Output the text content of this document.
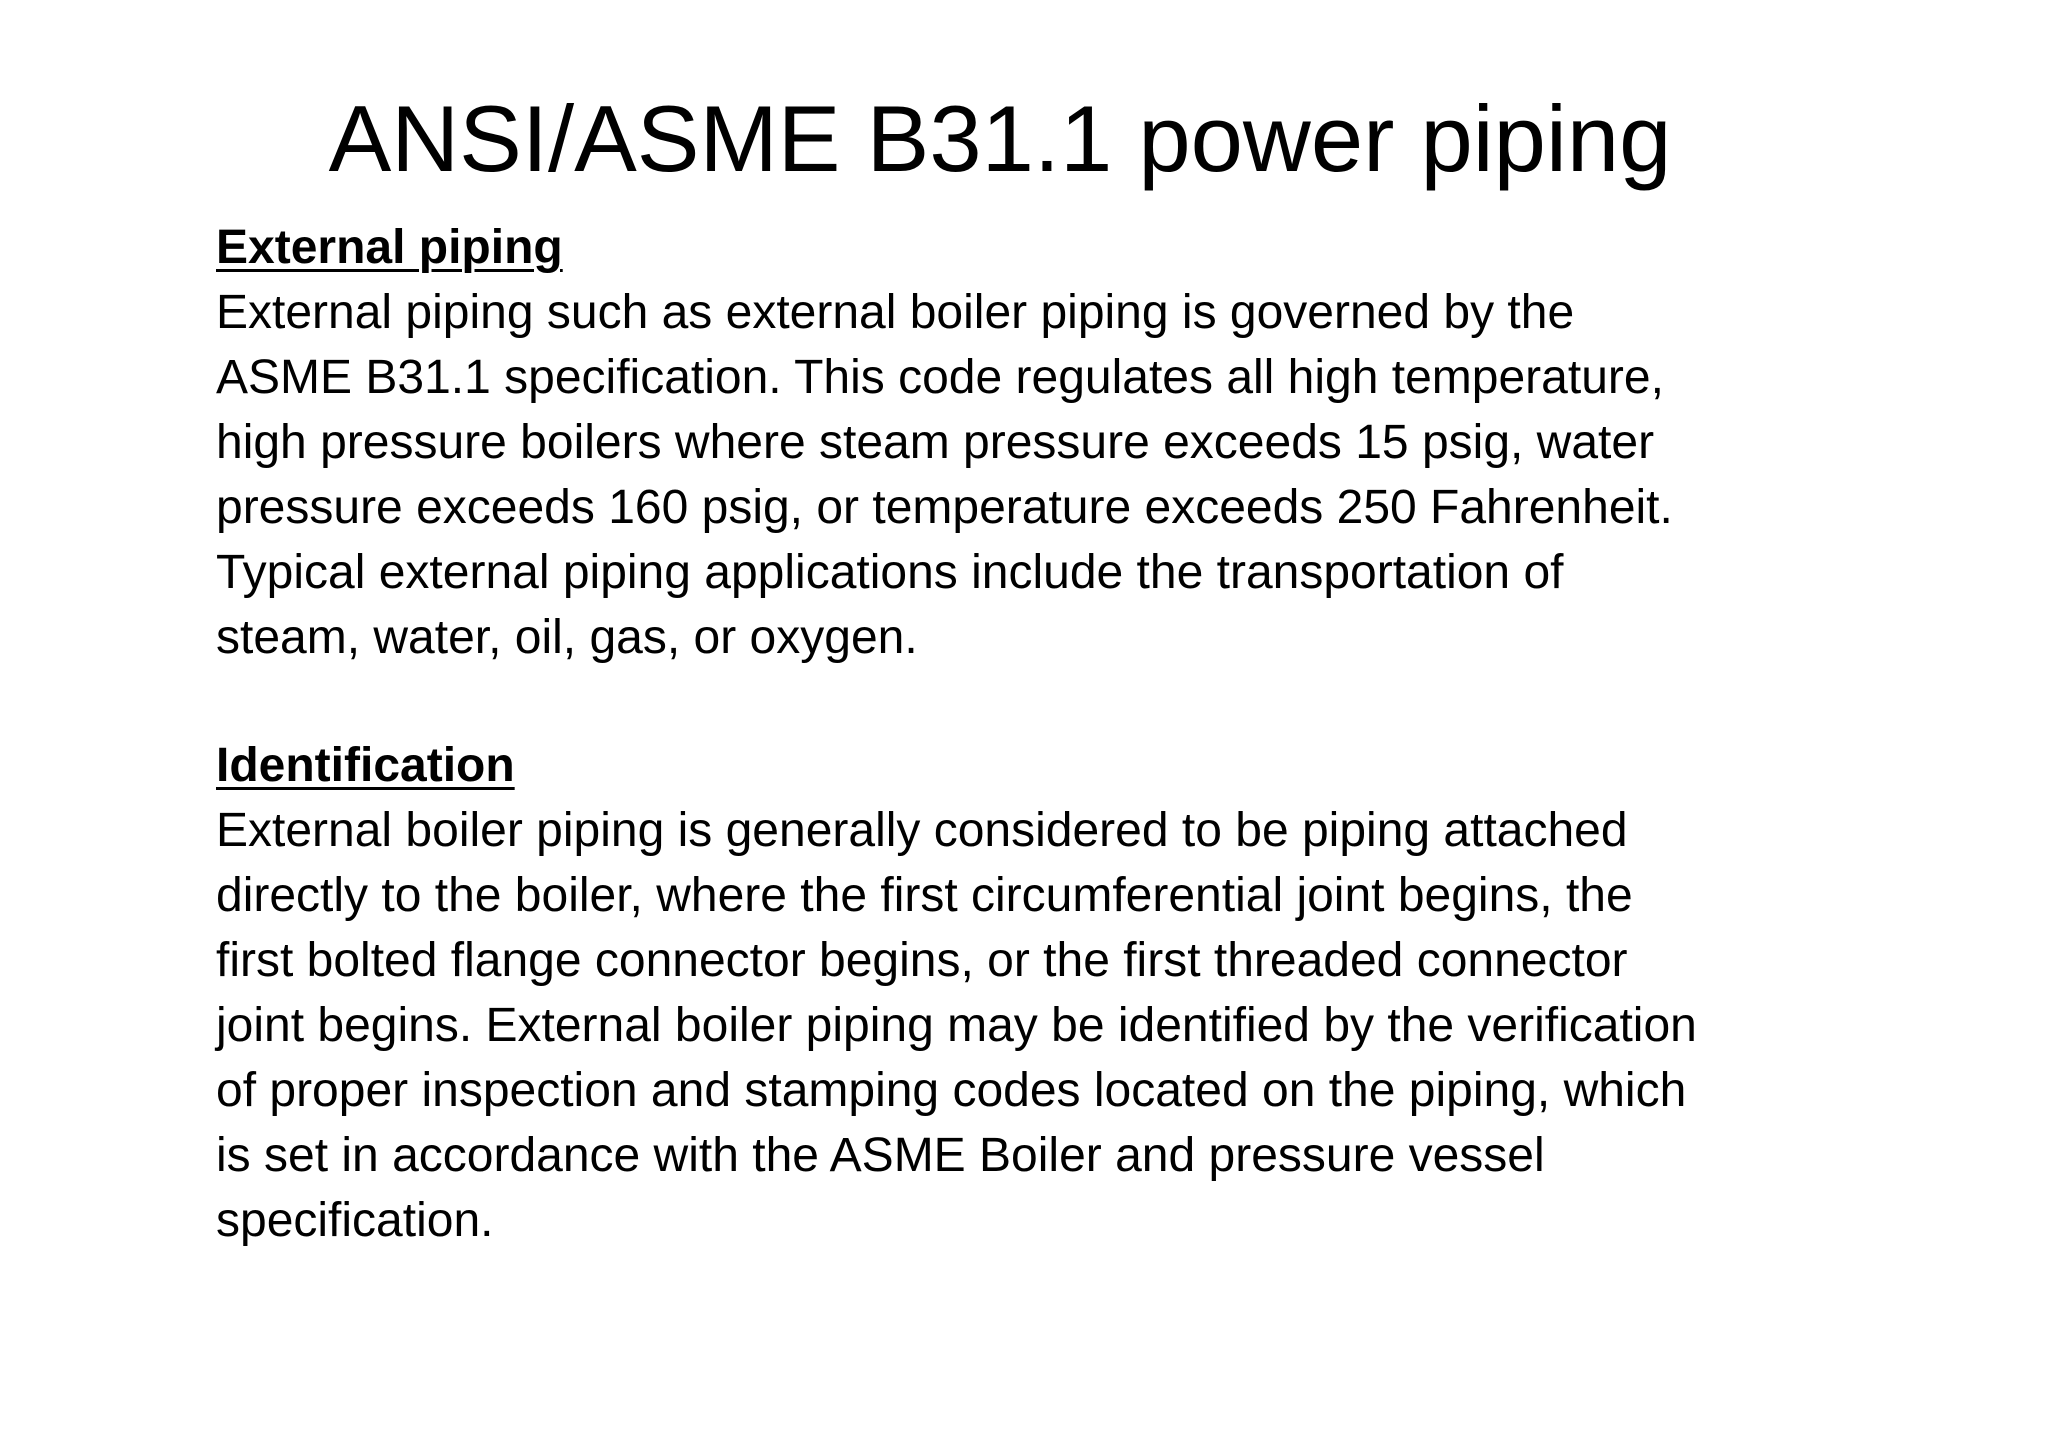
ANSI/ASME B31.1 power piping
External piping
External piping such as external boiler piping is governed by the
ASME B31.1 specification. This code regulates all high temperature,
high pressure boilers where steam pressure exceeds 15 psig, water
pressure exceeds 160 psig, or temperature exceeds 250 Fahrenheit.
Typical external piping applications include the transportation of
steam, water, oil, gas, or oxygen.
Identification
External boiler piping is generally considered to be piping attached
directly to the boiler, where the first circumferential joint begins, the
first bolted flange connector begins, or the first threaded connector
joint begins. External boiler piping may be identified by the verification
of proper inspection and stamping codes located on the piping, which
is set in accordance with the ASME Boiler and pressure vessel
specification.
